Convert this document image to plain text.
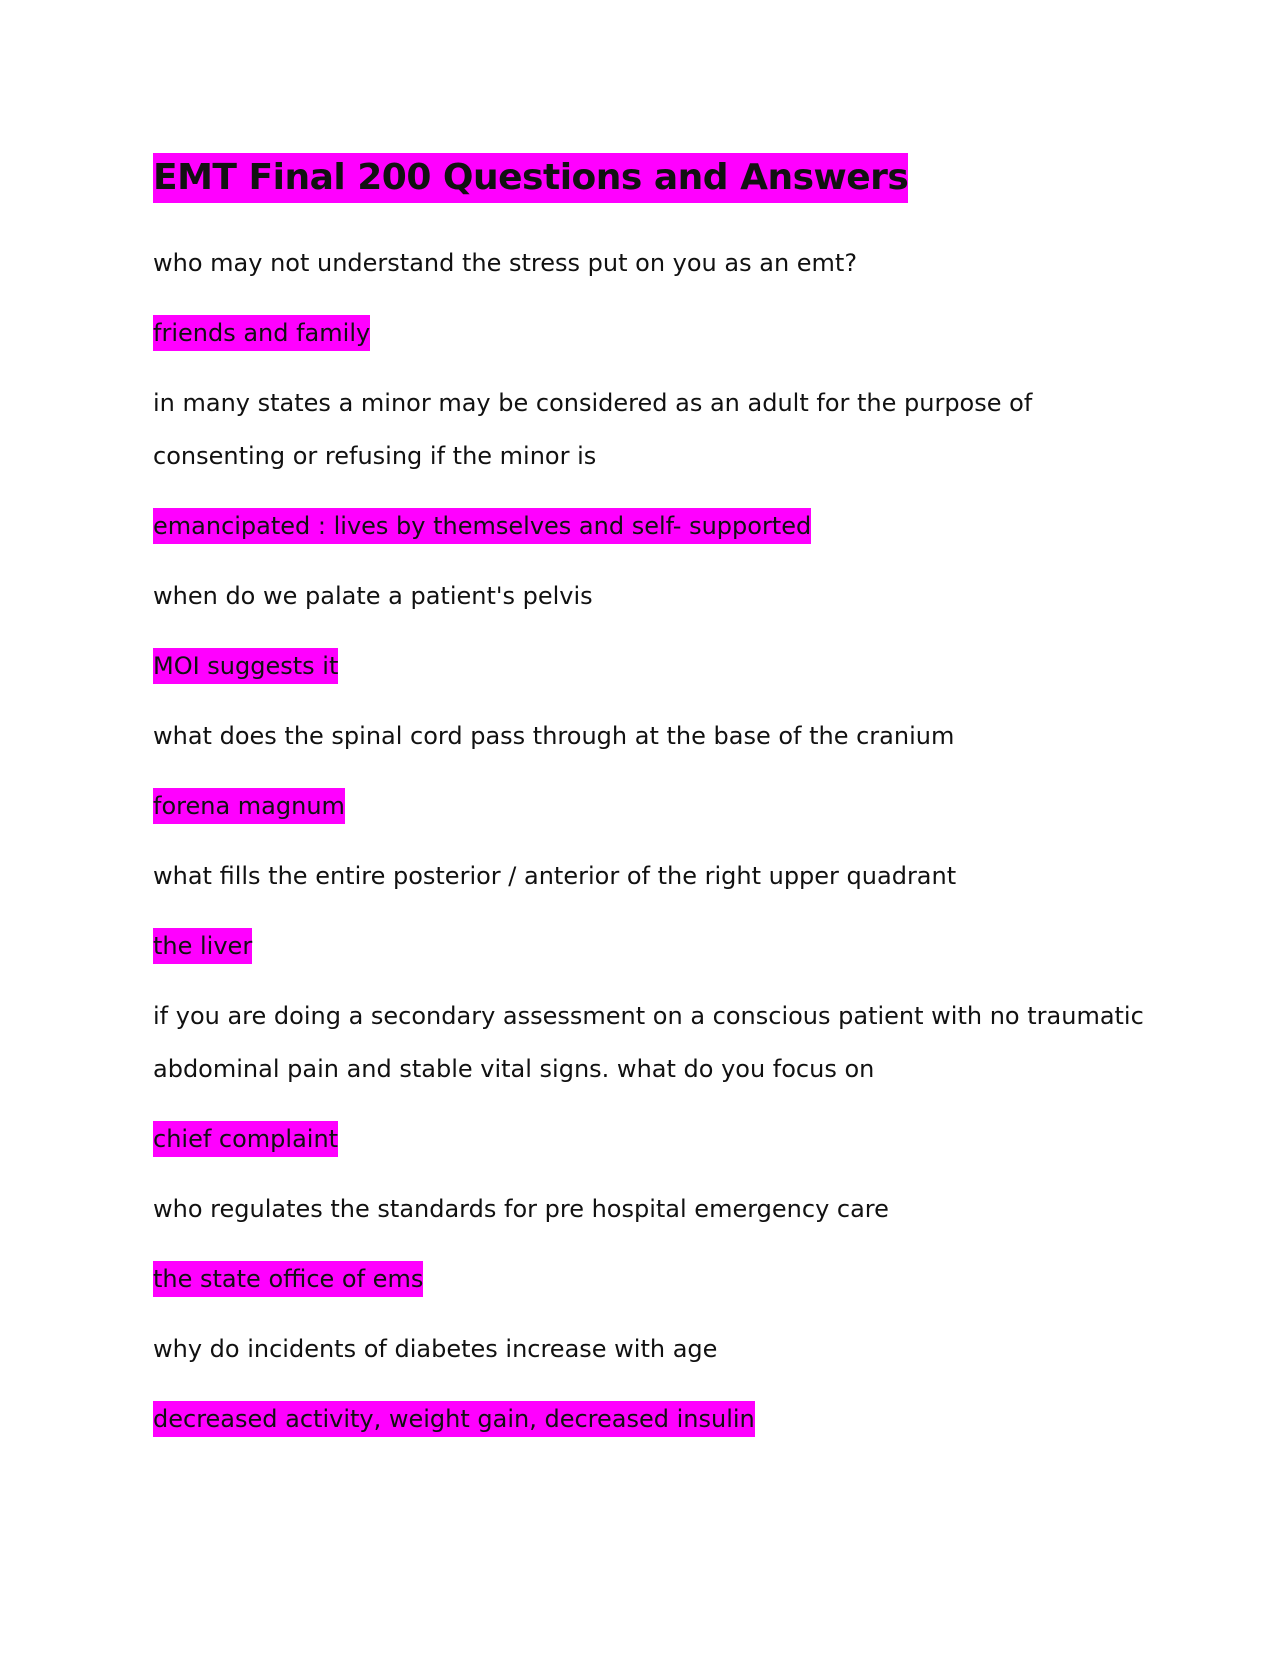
EMT Final 200 Questions and Answers

who may not understand the stress put on you as an emt?

friends and family

in many states a minor may be considered as an adult for the purpose of

consenting or refusing if the minor is

emancipated : lives by themselves and self- supported

when do we palate a patient's pelvis

MOI suggests it

what does the spinal cord pass through at the base of the cranium

forena magnum

what fills the entire posterior / anterior of the right upper quadrant

the liver

if you are doing a secondary assessment on a conscious patient with no traumatic

abdominal pain and stable vital signs. what do you focus on

chief complaint

who regulates the standards for pre hospital emergency care

the state office of ems

why do incidents of diabetes increase with age

decreased activity, weight gain, decreased insulin
